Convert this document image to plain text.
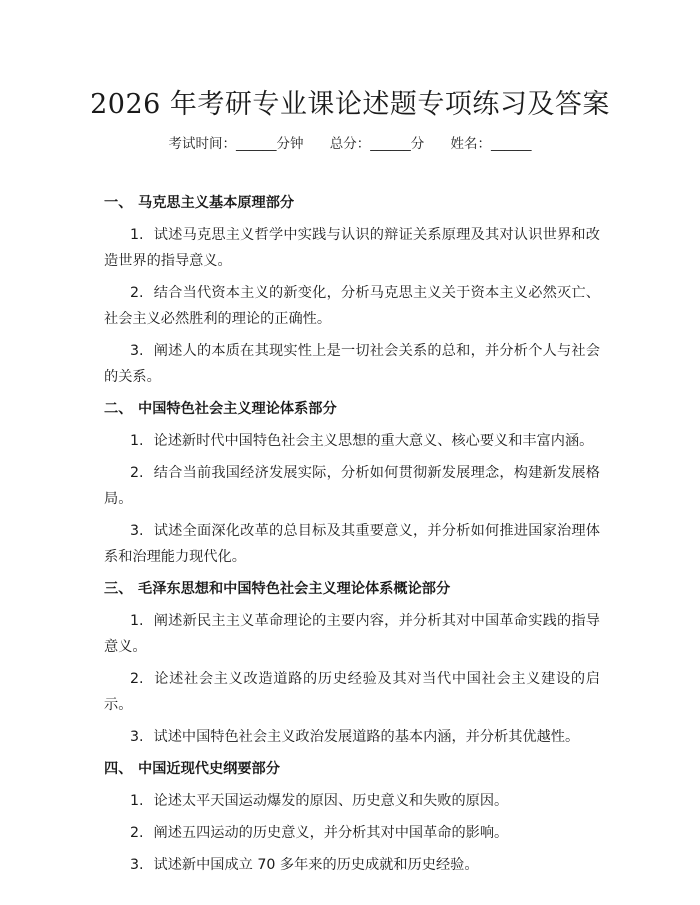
2026 年考研专业课论述题专项练习及答案
考试时间：______分钟 总分：______分 姓名：______

一、 马克思主义基本原理部分

1. 试述马克思主义哲学中实践与认识的辩证关系原理及其对认识世界和改造世界的指导意义。

2. 结合当代资本主义的新变化，分析马克思主义关于资本主义必然灭亡、社会主义必然胜利的理论的正确性。

3. 阐述人的本质在其现实性上是一切社会关系的总和，并分析个人与社会的关系。

二、 中国特色社会主义理论体系部分

1. 论述新时代中国特色社会主义思想的重大意义、核心要义和丰富内涵。

2. 结合当前我国经济发展实际，分析如何贯彻新发展理念，构建新发展格局。

3. 试述全面深化改革的总目标及其重要意义，并分析如何推进国家治理体系和治理能力现代化。

三、 毛泽东思想和中国特色社会主义理论体系概论部分

1. 阐述新民主主义革命理论的主要内容，并分析其对中国革命实践的指导意义。

2. 论述社会主义改造道路的历史经验及其对当代中国社会主义建设的启示。

3. 试述中国特色社会主义政治发展道路的基本内涵，并分析其优越性。

四、 中国近现代史纲要部分

1. 论述太平天国运动爆发的原因、历史意义和失败的原因。

2. 阐述五四运动的历史意义，并分析其对中国革命的影响。

3. 试述新中国成立 70 多年来的历史成就和历史经验。
